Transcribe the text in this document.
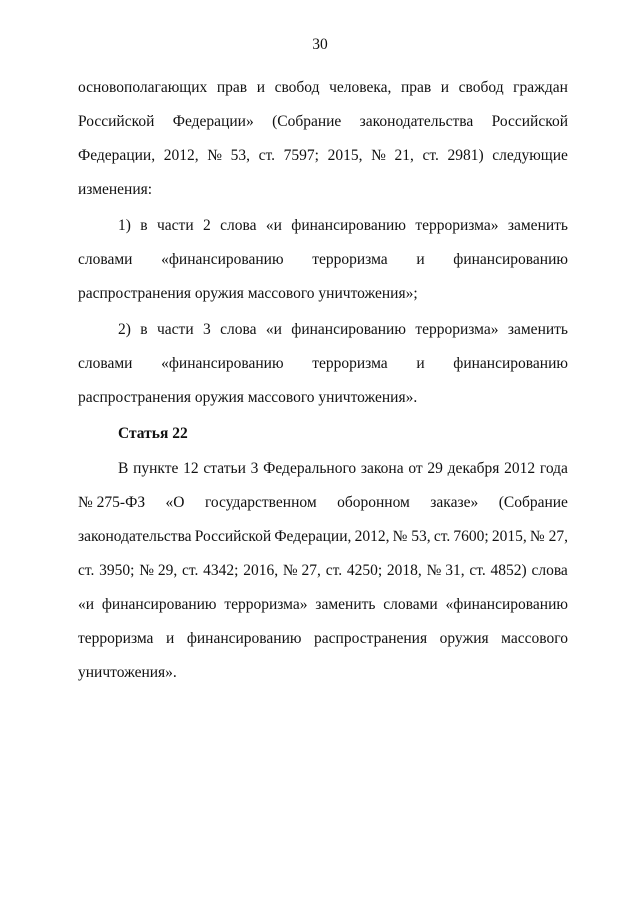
30
основополагающих прав и свобод человека, прав и свобод граждан
Российской Федерации» (Собрание законодательства Российской
Федерации, 2012, № 53, ст. 7597; 2015, № 21, ст. 2981) следующие
изменения:
1) в части 2 слова «и финансированию терроризма» заменить
словами «финансированию терроризма и финансированию
распространения оружия массового уничтожения»;
2) в части 3 слова «и финансированию терроризма» заменить
словами «финансированию терроризма и финансированию
распространения оружия массового уничтожения».
В пункте 12 статьи 3 Федерального закона от 29 декабря 2012 года
№ 275-ФЗ «О государственном оборонном заказе» (Собрание
законодательства Российской Федерации, 2012, № 53, ст. 7600; 2015, № 27,
ст. 3950; № 29, ст. 4342; 2016, № 27, ст. 4250; 2018, № 31, ст. 4852) слова
«и финансированию терроризма» заменить словами «финансированию
терроризма и финансированию распространения оружия массового
уничтожения».
Статья 22
